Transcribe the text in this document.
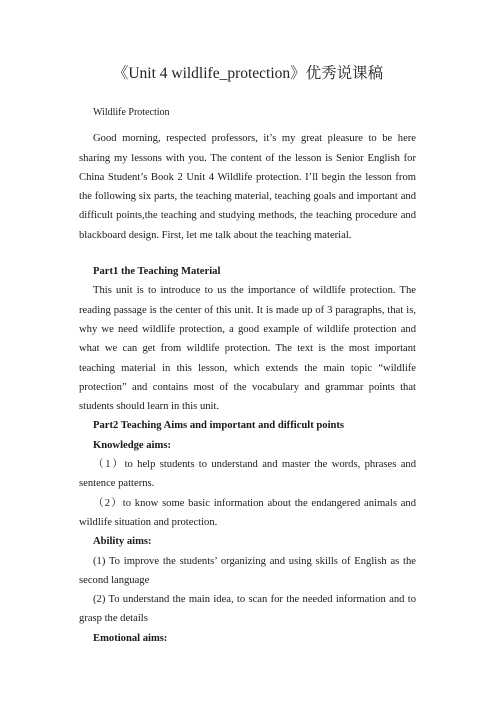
《Unit 4 wildlife_protection》优秀说课稿

Wildlife Protection

Good morning, respected professors, it’s my great pleasure to be here sharing my lessons with you. The content of the lesson is Senior English for China Student’s Book 2 Unit 4 Wildlife protection. I’ll begin the lesson from the following six parts, the teaching material, teaching goals and important and difficult points,the teaching and studying methods, the teaching procedure and blackboard design. First, let me talk about the teaching material.

Part1 the Teaching Material

This unit is to introduce to us the importance of wildlife protection. The reading passage is the center of this unit. It is made up of 3 paragraphs, that is, why we need wildlife protection, a good example of wildlife protection and what we can get from wildlife protection. The text is the most important teaching material in this lesson, which extends the main topic “wildlife protection” and contains most of the vocabulary and grammar points that students should learn in this unit.

Part2 Teaching Aims and important and difficult points

Knowledge aims:

（1）to help students to understand and master the words, phrases and sentence patterns.

（2）to know some basic information about the endangered animals and wildlife situation and protection.

Ability aims:

(1) To improve the students’ organizing and using skills of English as the second language

(2) To understand the main idea, to scan for the needed information and to grasp the details

Emotional aims:
